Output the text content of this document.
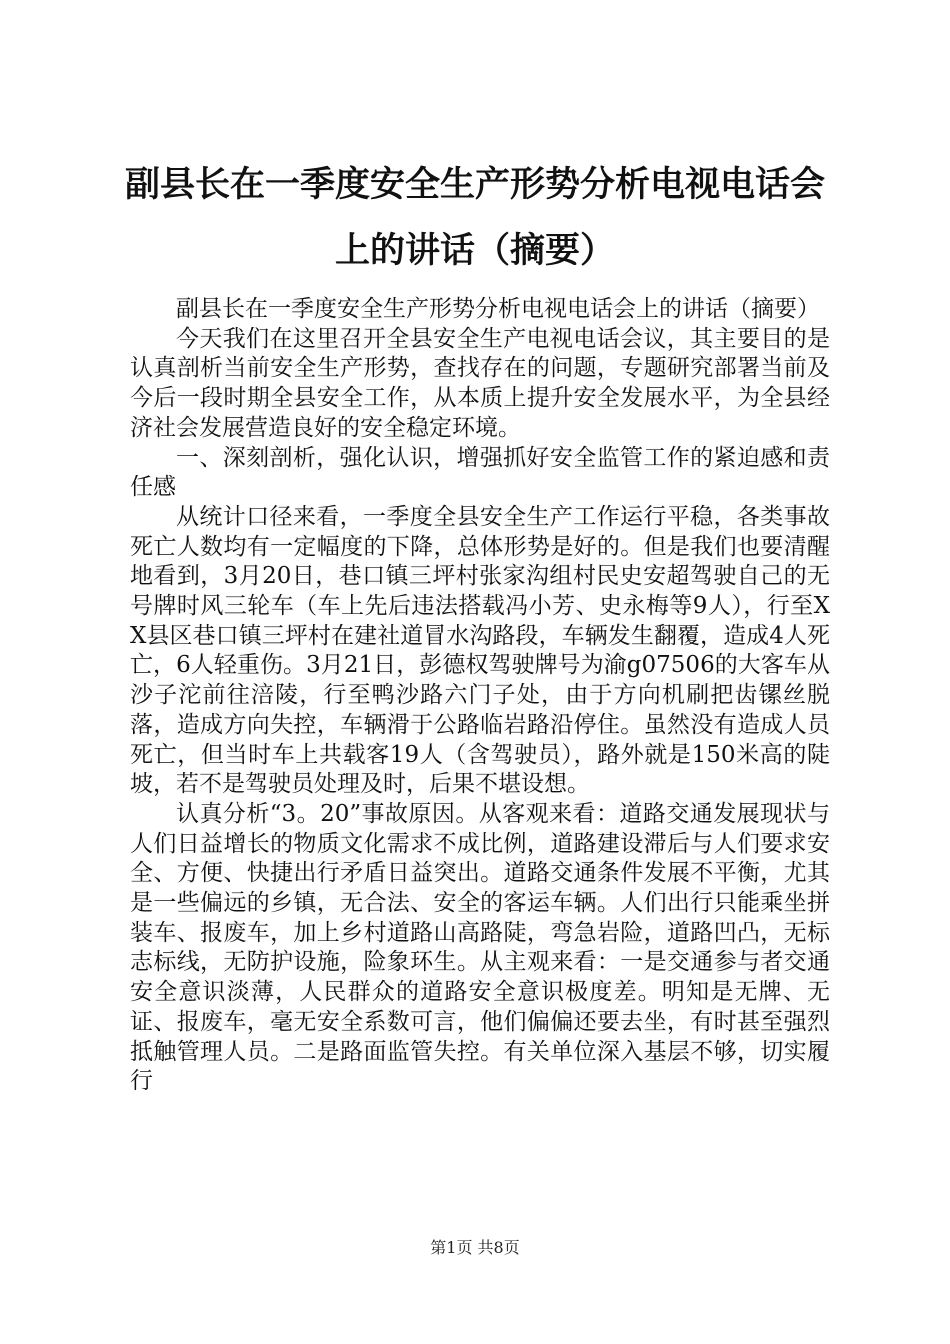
副县长在一季度安全生产形势分析电视电话会
上的讲话（摘要）

副县长在一季度安全生产形势分析电视电话会上的讲话（摘要）

今天我们在这里召开全县安全生产电视电话会议，其主要目的是认真剖析当前安全生产形势，查找存在的问题，专题研究部署当前及今后一段时期全县安全工作，从本质上提升安全发展水平，为全县经济社会发展营造良好的安全稳定环境。

一、深刻剖析，强化认识，增强抓好安全监管工作的紧迫感和责任感

从统计口径来看，一季度全县安全生产工作运行平稳，各类事故死亡人数均有一定幅度的下降，总体形势是好的。但是我们也要清醒地看到，3月20日，巷口镇三坪村张家沟组村民史安超驾驶自己的无号牌时风三轮车（车上先后违法搭载冯小芳、史永梅等9人），行至XX县区巷口镇三坪村在建社道冒水沟路段，车辆发生翻覆，造成4人死亡，6人轻重伤。3月21日，彭德权驾驶牌号为渝g07506的大客车从沙子沱前往涪陵，行至鸭沙路六门子处，由于方向机刷把齿镙丝脱落，造成方向失控，车辆滑于公路临岩路沿停住。虽然没有造成人员死亡，但当时车上共载客19人（含驾驶员），路外就是150米高的陡坡，若不是驾驶员处理及时，后果不堪设想。

认真分析“3。20”事故原因。从客观来看：道路交通发展现状与人们日益增长的物质文化需求不成比例，道路建设滞后与人们要求安全、方便、快捷出行矛盾日益突出。道路交通条件发展不平衡，尤其是一些偏远的乡镇，无合法、安全的客运车辆。人们出行只能乘坐拼装车、报废车，加上乡村道路山高路陡，弯急岩险，道路凹凸，无标志标线，无防护设施，险象环生。从主观来看：一是交通参与者交通安全意识淡薄，人民群众的道路安全意识极度差。明知是无牌、无证、报废车，毫无安全系数可言，他们偏偏还要去坐，有时甚至强烈抵触管理人员。二是路面监管失控。有关单位深入基层不够，切实履行

第1页 共8页
